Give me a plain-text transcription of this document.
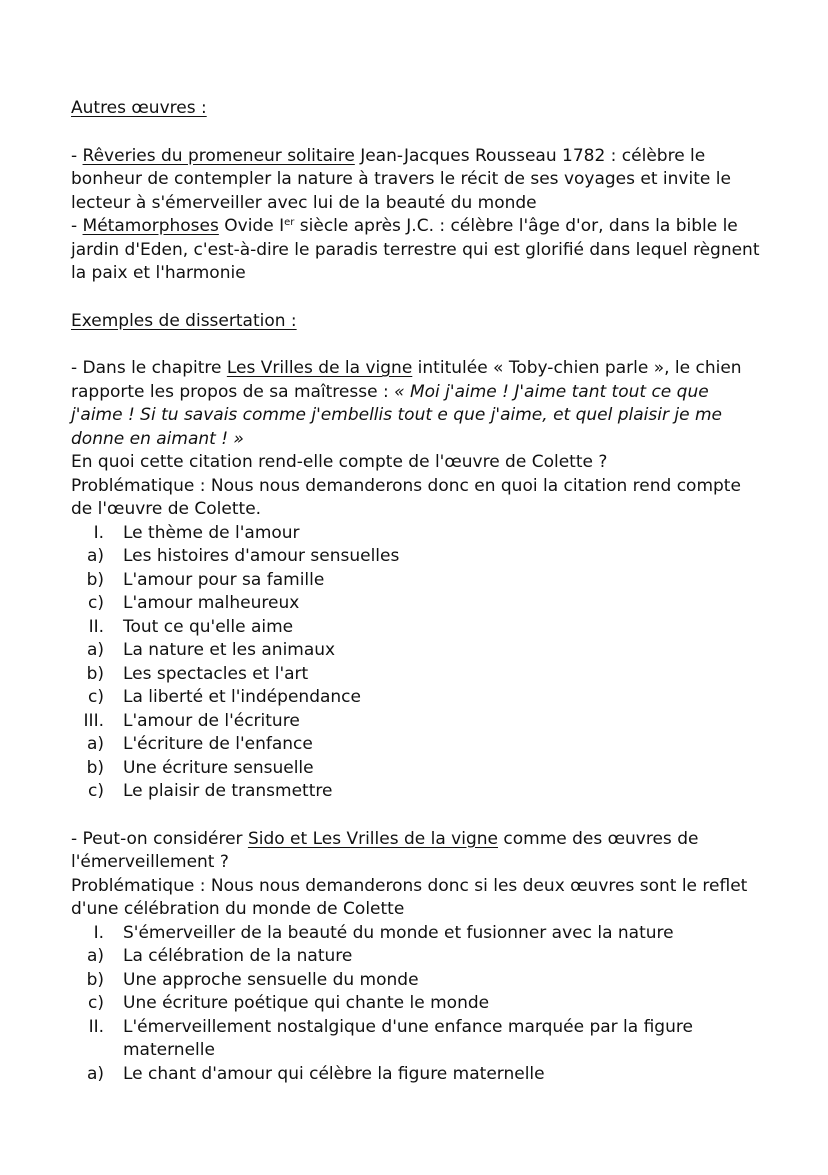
Autres œuvres :

- Rêveries du promeneur solitaire Jean-Jacques Rousseau 1782 : célèbre le bonheur de contempler la nature à travers le récit de ses voyages et invite le lecteur à s'émerveiller avec lui de la beauté du monde

- Métamorphoses Ovide Ier siècle après J.C. : célèbre l'âge d'or, dans la bible le jardin d'Eden, c'est-à-dire le paradis terrestre qui est glorifié dans lequel règnent la paix et l'harmonie

Exemples de dissertation :

- Dans le chapitre Les Vrilles de la vigne intitulée « Toby-chien parle », le chien rapporte les propos de sa maîtresse : « Moi j'aime ! J'aime tant tout ce que j'aime ! Si tu savais comme j'embellis tout e que j'aime, et quel plaisir je me donne en aimant ! »

En quoi cette citation rend-elle compte de l'œuvre de Colette ?

Problématique : Nous nous demanderons donc en quoi la citation rend compte de l'œuvre de Colette.

I.	Le thème de l'amour
a)	Les histoires d'amour sensuelles
b)	L'amour pour sa famille
c)	L'amour malheureux
II.	Tout ce qu'elle aime
a)	La nature et les animaux
b)	Les spectacles et l'art
c)	La liberté et l'indépendance
III.	L'amour de l'écriture
a)	L'écriture de l'enfance
b)	Une écriture sensuelle
c)	Le plaisir de transmettre

- Peut-on considérer Sido et Les Vrilles de la vigne comme des œuvres de l'émerveillement ?

Problématique : Nous nous demanderons donc si les deux œuvres sont le reflet d'une célébration du monde de Colette

I.	S'émerveiller de la beauté du monde et fusionner avec la nature
a)	La célébration de la nature
b)	Une approche sensuelle du monde
c)	Une écriture poétique qui chante le monde
II.	L'émerveillement nostalgique d'une enfance marquée par la figure maternelle
a)	Le chant d'amour qui célèbre la figure maternelle
